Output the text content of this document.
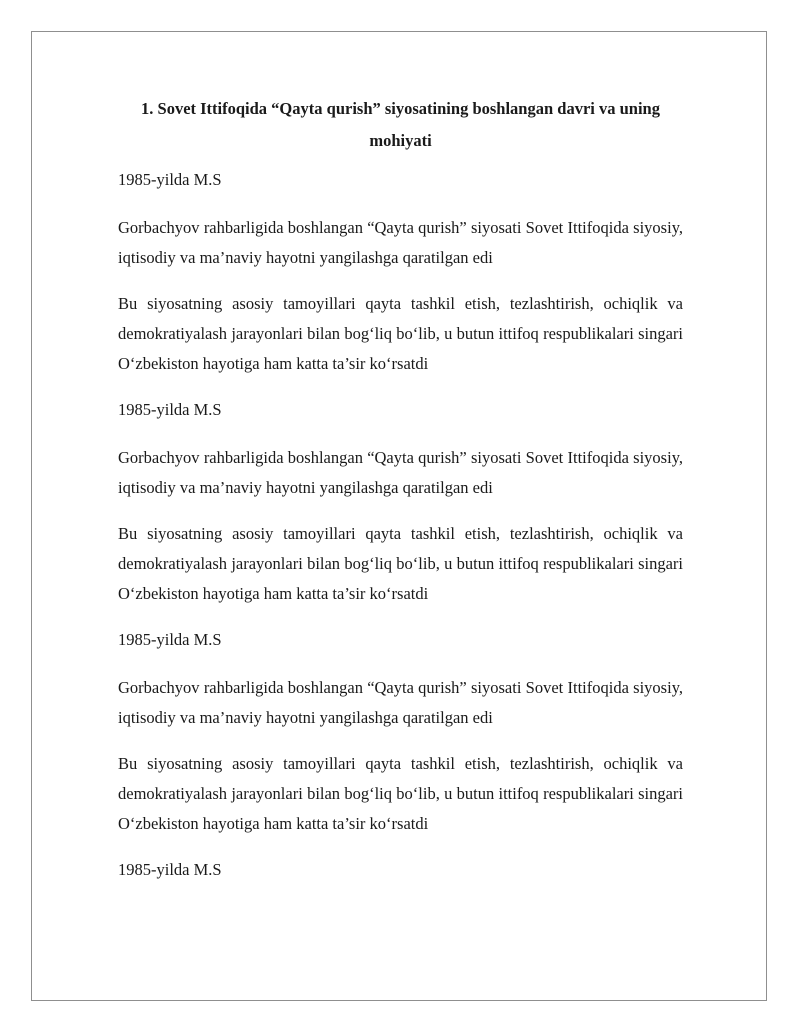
1. Sovet Ittifoqida “Qayta qurish” siyosatining boshlangan davri va uning mohiyati
1985-yilda M.S
Gorbachyov rahbarligida boshlangan “Qayta qurish” siyosati Sovet Ittifoqida siyosiy, iqtisodiy va ma’naviy hayotni yangilashga qaratilgan edi
Bu siyosatning asosiy tamoyillari qayta tashkil etish, tezlashtirish, ochiqlik va demokratiyalash jarayonlari bilan bog‘liq bo‘lib, u butun ittifoq respublikalari singari O‘zbekiston hayotiga ham katta ta’sir ko‘rsatdi
1985-yilda M.S
Gorbachyov rahbarligida boshlangan “Qayta qurish” siyosati Sovet Ittifoqida siyosiy, iqtisodiy va ma’naviy hayotni yangilashga qaratilgan edi
Bu siyosatning asosiy tamoyillari qayta tashkil etish, tezlashtirish, ochiqlik va demokratiyalash jarayonlari bilan bog‘liq bo‘lib, u butun ittifoq respublikalari singari O‘zbekiston hayotiga ham katta ta’sir ko‘rsatdi
1985-yilda M.S
Gorbachyov rahbarligida boshlangan “Qayta qurish” siyosati Sovet Ittifoqida siyosiy, iqtisodiy va ma’naviy hayotni yangilashga qaratilgan edi
Bu siyosatning asosiy tamoyillari qayta tashkil etish, tezlashtirish, ochiqlik va demokratiyalash jarayonlari bilan bog‘liq bo‘lib, u butun ittifoq respublikalari singari O‘zbekiston hayotiga ham katta ta’sir ko‘rsatdi
1985-yilda M.S
